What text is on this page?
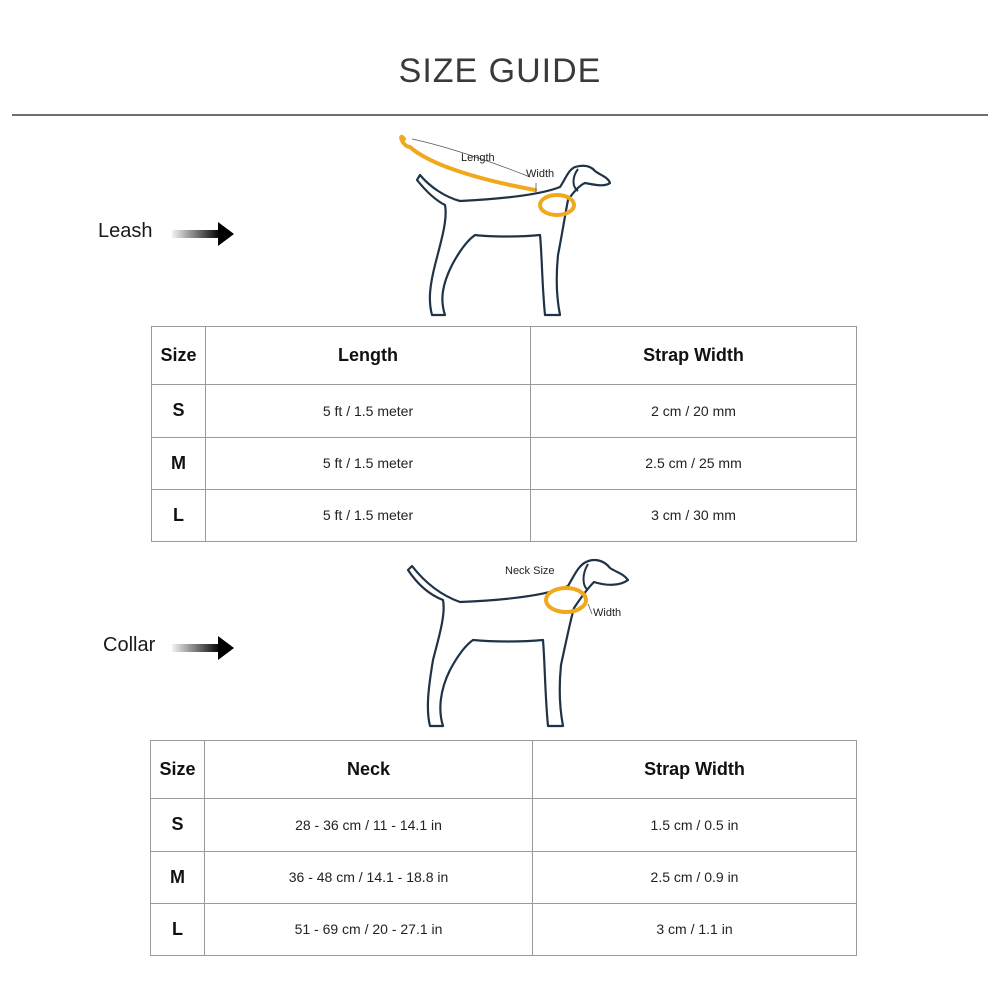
SIZE GUIDE
Leash
Length
Width
Size	Length	Strap Width
S	5 ft / 1.5 meter	2 cm / 20 mm
M	5 ft / 1.5 meter	2.5 cm / 25 mm
L	5 ft / 1.5 meter	3 cm / 30 mm
Collar
Neck Size
Width
Size	Neck	Strap Width
S	28 - 36 cm / 11 - 14.1 in	1.5 cm / 0.5 in
M	36 - 48 cm / 14.1 - 18.8 in	2.5 cm / 0.9 in
L	51 - 69 cm / 20 - 27.1 in	3 cm / 1.1 in
